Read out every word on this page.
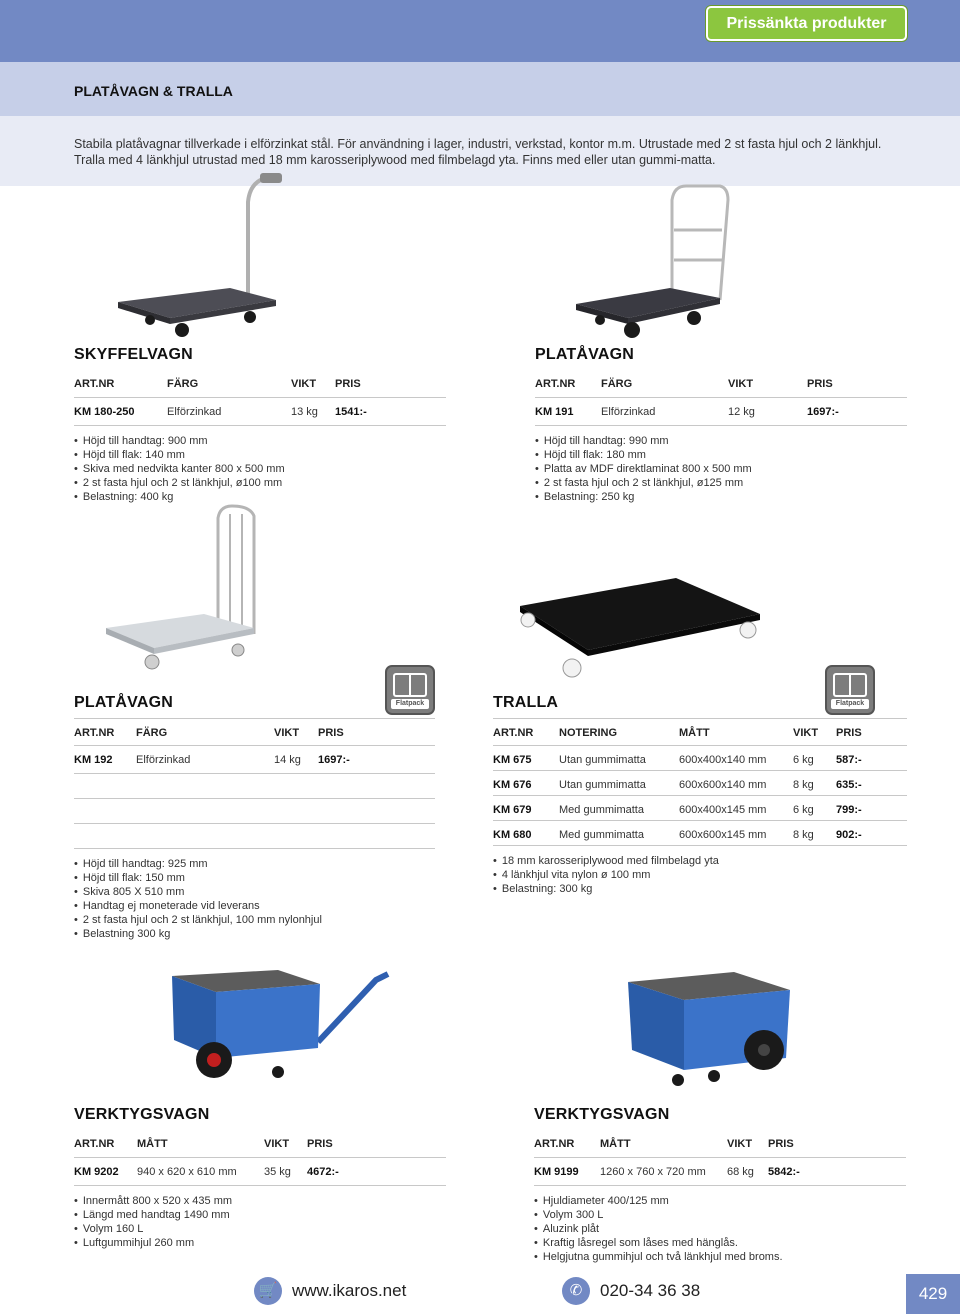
Prissänkta produkter
PLATÅVAGN & TRALLA

Stabila platåvagnar tillverkade i elförzinkat stål. För användning i lager, industri, verkstad, kontor m.m. Utrustade med 2 st fasta hjul och 2 länkhjul. Tralla med 4 länkhjul utrustad med 18 mm karosseriplywood med filmbelagd yta. Finns med eller utan gummi-matta.

SKYFFELVAGN
ART.NR	FÄRG	VIKT PRIS
KM 180-250	Elförzinkad	13 kg 1541:-
• Höjd till handtag: 900 mm
• Höjd till flak: 140 mm
• Skiva med nedvikta kanter 800 x 500 mm
• 2 st fasta hjul och 2 st länkhjul, ø100 mm
• Belastning: 400 kg
PLATÅVAGN
ART.NR FÄRG	VIKT	PRIS
KM 191 Elförzinkad	12 kg	1697:-
• Höjd till handtag: 990 mm
• Höjd till flak: 180 mm
• Platta av MDF direktlaminat 800 x 500 mm
• 2 st fasta hjul och 2 st länkhjul, ø125 mm
• Belastning: 250 kg
Flatpack	Flatpack
PLATÅVAGN
ART.NR FÄRG	VIKT PRIS
KM 192 Elförzinkad	14 kg 1697:-
• Höjd till handtag: 925 mm
• Höjd till flak: 150 mm
• Skiva 805 X 510 mm
• Handtag ej moneterade vid leverans
• 2 st fasta hjul och 2 st länkhjul, 100 mm nylonhjul
• Belastning 300 kg
TRALLA
ART.NR NOTERING	MÅTT	VIKT PRIS
KM 675 Utan gummimatta	600x400x140 mm 6 kg 587:-
KM 676 Utan gummimatta	600x600x140 mm 8 kg 635:-
KM 679 Med gummimatta	600x400x145 mm 6 kg 799:-
KM 680 Med gummimatta	600x600x145 mm 8 kg 902:-
• 18 mm karosseriplywood med filmbelagd yta
• 4 länkhjul vita nylon ø 100 mm
• Belastning: 300 kg
VERKTYGSVAGN
ART.NR MÅTT	VIKT PRIS
KM 9202 940 x 620 x 610 mm 35 kg 4672:-
• Innermått 800 x 520 x 435 mm
• Längd med handtag 1490 mm
• Volym 160 L
• Luftgummihjul 260 mm
VERKTYGSVAGN
ART.NR MÅTT	VIKT PRIS
KM 9199 1260 x 760 x 720 mm 68 kg 5842:-
• Hjuldiameter 400/125 mm
• Volym 300 L
• Aluzink plåt
• Kraftig låsregel som låses med hänglås.
• Helgjutna gummihjul och två länkhjul med broms.
🛒 www.ikaros.net	✆	020-34 36 38	429
